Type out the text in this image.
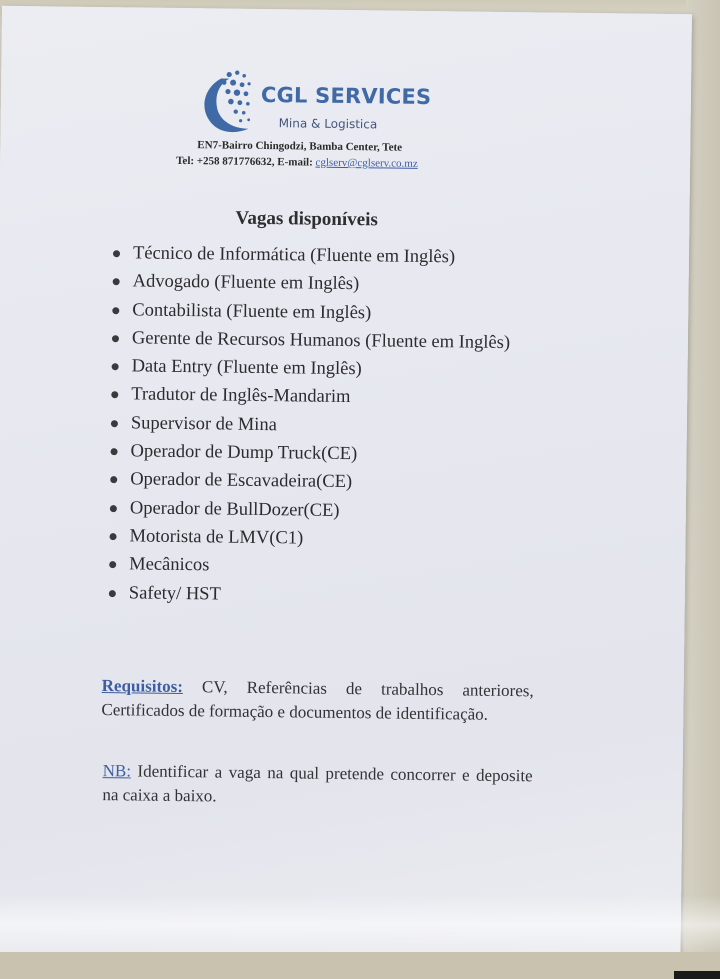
CGL SERVICES
Mina & Logistica
EN7-Bairro Chingodzi, Bamba Center, Tete
Tel: +258 871776632, E-mail: cglserv@cglserv.co.mz
Vagas disponíveis
Técnico de Informática (Fluente em Inglês)
Advogado (Fluente em Inglês)
Contabilista (Fluente em Inglês)
Gerente de Recursos Humanos (Fluente em Inglês)
Data Entry (Fluente em Inglês)
Tradutor de Inglês-Mandarim
Supervisor de Mina
Operador de Dump Truck(CE)
Operador de Escavadeira(CE)
Operador de BullDozer(CE)
Motorista de LMV(C1)
Mecânicos
Safety/ HST
Requisitos: CV, Referências de trabalhos anteriores, Certificados de formação e documentos de identificação.
NB: Identificar a vaga na qual pretende concorrer e deposite na caixa a baixo.
